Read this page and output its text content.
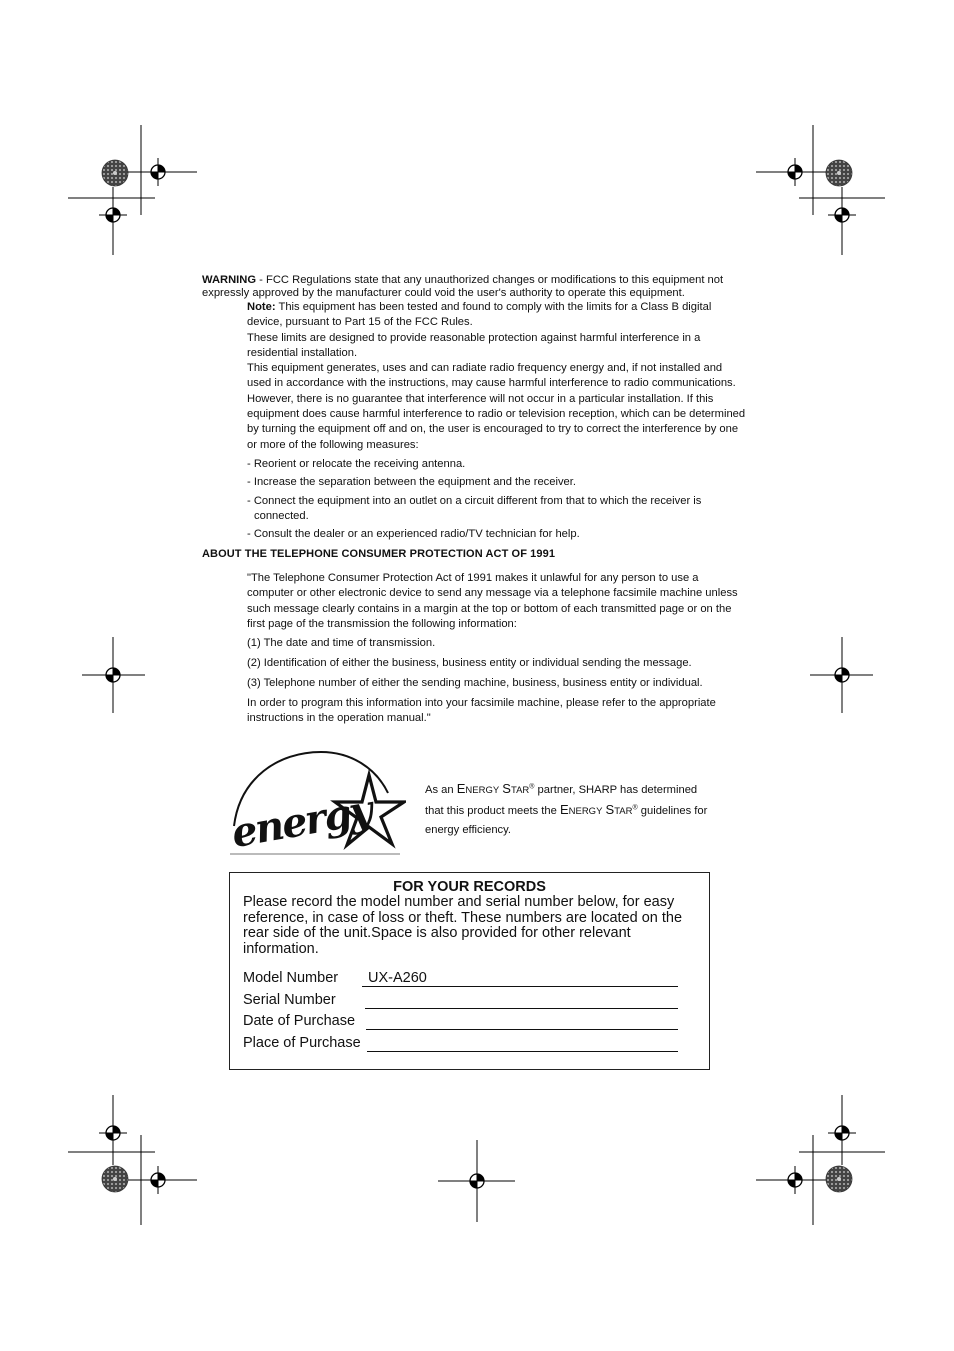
WARNING - FCC Regulations state that any unauthorized changes or modifications to this equipment not expressly approved by the manufacturer could void the user's authority to operate this equipment.

Note: This equipment has been tested and found to comply with the limits for a Class B digital device, pursuant to Part 15 of the FCC Rules.

These limits are designed to provide reasonable protection against harmful interference in a residential installation.

This equipment generates, uses and can radiate radio frequency energy and, if not installed and used in accordance with the instructions, may cause harmful interference to radio communications. However, there is no guarantee that interference will not occur in a particular installation. If this equipment does cause harmful interference to radio or television reception, which can be determined by turning the equipment off and on, the user is encouraged to try to correct the interference by one or more of the following measures:

- Reorient or relocate the receiving antenna.

- Increase the separation between the equipment and the receiver.

- Connect the equipment into an outlet on a circuit different from that to which the receiver is connected.

- Consult the dealer or an experienced radio/TV technician for help.

ABOUT THE TELEPHONE CONSUMER PROTECTION ACT OF 1991

"The Telephone Consumer Protection Act of 1991 makes it unlawful for any person to use a computer or other electronic device to send any message via a telephone facsimile machine unless such message clearly contains in a margin at the top or bottom of each transmitted page or on the first page of the transmission the following information:

(1) The date and time of transmission.

(2) Identification of either the business, business entity or individual sending the message.

(3) Telephone number of either the sending machine, business, business entity or individual.

In order to program this information into your facsimile machine, please refer to the appropriate instructions in the operation manual."

energy	As an ENERGY STAR® partner, SHARP has determined that this product meets the ENERGY STAR® guidelines for energy efficiency.
FOR YOUR RECORDS
Please record the model number and serial number below, for easy reference, in case of loss or theft. These numbers are located on the rear side of the unit.Space is also provided for other relevant information.
Model Number UX-A260
Serial Number
Date of Purchase
Place of Purchase
